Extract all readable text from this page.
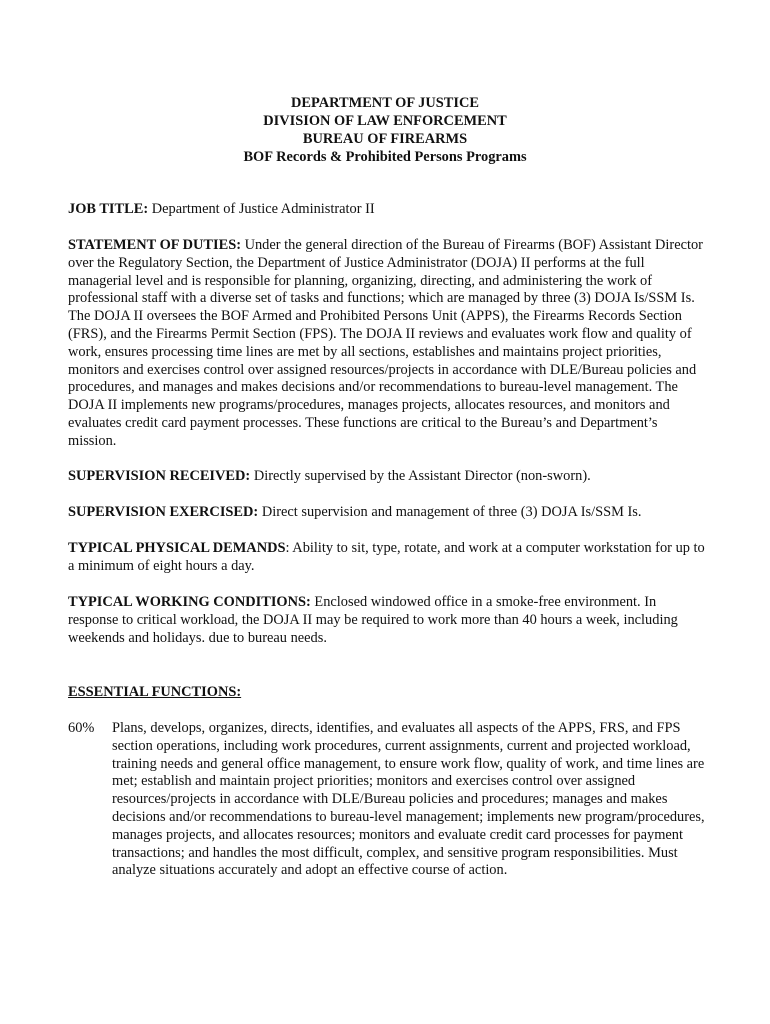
DEPARTMENT OF JUSTICE
DIVISION OF LAW ENFORCEMENT
BUREAU OF FIREARMS
BOF Records & Prohibited Persons Programs
JOB TITLE: Department of Justice Administrator II
STATEMENT OF DUTIES: Under the general direction of the Bureau of Firearms (BOF) Assistant Director over the Regulatory Section, the Department of Justice Administrator (DOJA) II performs at the full managerial level and is responsible for planning, organizing, directing, and administering the work of professional staff with a diverse set of tasks and functions; which are managed by three (3) DOJA Is/SSM Is. The DOJA II oversees the BOF Armed and Prohibited Persons Unit (APPS), the Firearms Records Section (FRS), and the Firearms Permit Section (FPS). The DOJA II reviews and evaluates work flow and quality of work, ensures processing time lines are met by all sections, establishes and maintains project priorities, monitors and exercises control over assigned resources/projects in accordance with DLE/Bureau policies and procedures, and manages and makes decisions and/or recommendations to bureau-level management. The DOJA II implements new programs/procedures, manages projects, allocates resources, and monitors and evaluates credit card payment processes. These functions are critical to the Bureau’s and Department’s mission.
SUPERVISION RECEIVED: Directly supervised by the Assistant Director (non-sworn).
SUPERVISION EXERCISED: Direct supervision and management of three (3) DOJA Is/SSM Is.
TYPICAL PHYSICAL DEMANDS: Ability to sit, type, rotate, and work at a computer workstation for up to a minimum of eight hours a day.
TYPICAL WORKING CONDITIONS: Enclosed windowed office in a smoke-free environment. In response to critical workload, the DOJA II may be required to work more than 40 hours a week, including weekends and holidays. due to bureau needs.
ESSENTIAL FUNCTIONS:
60%	Plans, develops, organizes, directs, identifies, and evaluates all aspects of the APPS, FRS, and FPS section operations, including work procedures, current assignments, current and projected workload, training needs and general office management, to ensure work flow, quality of work, and time lines are met; establish and maintain project priorities; monitors and exercises control over assigned resources/projects in accordance with DLE/Bureau policies and procedures; manages and makes decisions and/or recommendations to bureau-level management; implements new program/procedures, manages projects, and allocates resources; monitors and evaluate credit card processes for payment transactions; and handles the most difficult, complex, and sensitive program responsibilities. Must analyze situations accurately and adopt an effective course of action.
